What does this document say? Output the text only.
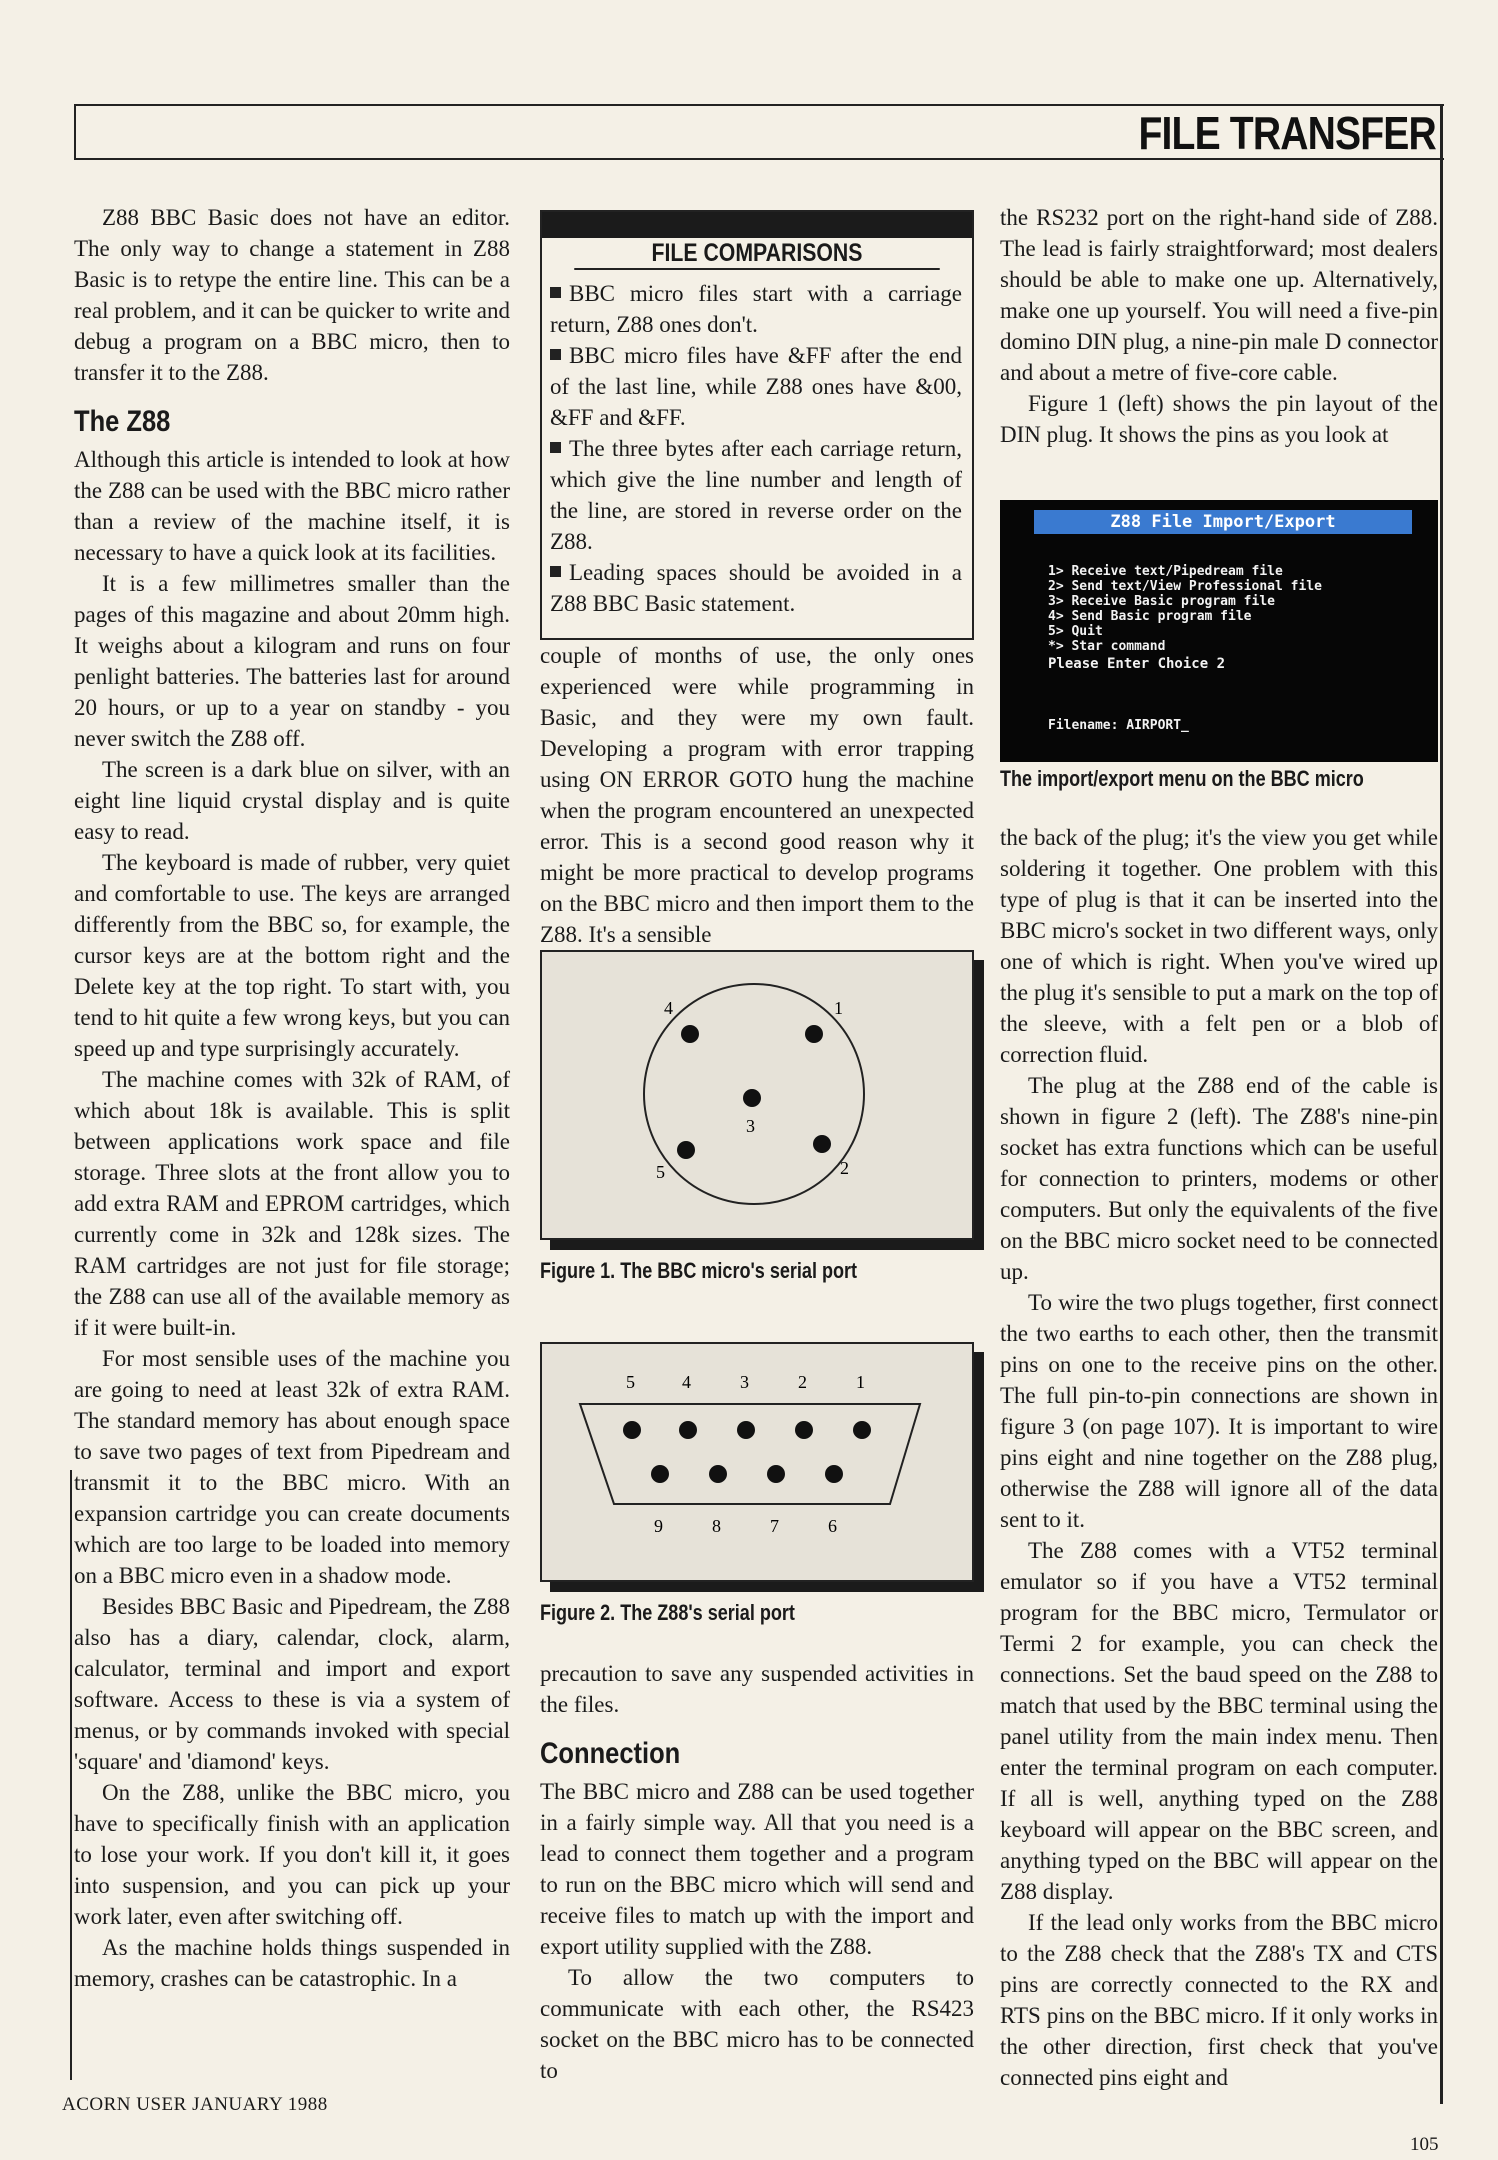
FILE TRANSFER

Z88 BBC Basic does not have an editor. The only way to change a statement in Z88 Basic is to retype the entire line. This can be a real problem, and it can be quicker to write and debug a program on a BBC micro, then to transfer it to the Z88.

The Z88

Although this article is intended to look at how the Z88 can be used with the BBC micro rather than a review of the machine itself, it is necessary to have a quick look at its facilities.

It is a few millimetres smaller than the pages of this magazine and about 20mm high. It weighs about a kilogram and runs on four penlight batteries. The batteries last for around 20 hours, or up to a year on standby - you never switch the Z88 off.

The screen is a dark blue on silver, with an eight line liquid crystal display and is quite easy to read.

The keyboard is made of rubber, very quiet and comfortable to use. The keys are arranged differently from the BBC so, for example, the cursor keys are at the bottom right and the Delete key at the top right. To start with, you tend to hit quite a few wrong keys, but you can speed up and type surprisingly accurately.

The machine comes with 32k of RAM, of which about 18k is available. This is split between applications work space and file storage. Three slots at the front allow you to add extra RAM and EPROM cartridges, which currently come in 32k and 128k sizes. The RAM cartridges are not just for file storage; the Z88 can use all of the available memory as if it were built-in.

For most sensible uses of the machine you are going to need at least 32k of extra RAM. The standard memory has about enough space to save two pages of text from Pipedream and transmit it to the BBC micro. With an expansion cartridge you can create documents which are too large to be loaded into memory on a BBC micro even in a shadow mode.

Besides BBC Basic and Pipedream, the Z88 also has a diary, calendar, clock, alarm, calculator, terminal and import and export software. Access to these is via a system of menus, or by commands invoked with special 'square' and 'diamond' keys.

On the Z88, unlike the BBC micro, you have to specifically finish with an application to lose your work. If you don't kill it, it goes into suspension, and you can pick up your work later, even after switching off.

As the machine holds things suspended in memory, crashes can be catastrophic. In a

FILE COMPARISONS
BBC micro files start with a carriage return, Z88 ones don't.
BBC micro files have &FF after the end of the last line, while Z88 ones have &00, &FF and &FF.
The three bytes after each carriage return, which give the line number and length of the line, are stored in reverse order on the Z88.
Leading spaces should be avoided in a Z88 BBC Basic statement.

couple of months of use, the only ones experienced were while programming in Basic, and they were my own fault. Developing a program with error trapping using ON ERROR GOTO hung the machine when the program encountered an unexpected error. This is a second good reason why it might be more practical to develop programs on the BBC micro and then import them to the Z88. It's a sensible

4	1
3
5	2
Figure 1. The BBC micro's serial port
5	4	3	2	1
9	8	7	6
Figure 2. The Z88's serial port

precaution to save any suspended activities in the files.

Connection

The BBC micro and Z88 can be used together in a fairly simple way. All that you need is a lead to connect them together and a program to run on the BBC micro which will send and receive files to match up with the import and export utility supplied with the Z88.

To allow the two computers to communicate with each other, the RS423 socket on the BBC micro has to be connected to

the RS232 port on the right-hand side of Z88. The lead is fairly straightforward; most dealers should be able to make one up. Alternatively, make one up yourself. You will need a five-pin domino DIN plug, a nine-pin male D connector and about a metre of five-core cable.

Figure 1 (left) shows the pin layout of the DIN plug. It shows the pins as you look at

Z88 File Import/Export
1> Receive text/Pipedream file
2> Send text/View Professional file
3> Receive Basic program file
4> Send Basic program file
5> Quit
*> Star command
Please Enter Choice 2
Filename: AIRPORT_
The import/export menu on the BBC micro

the back of the plug; it's the view you get while soldering it together. One problem with this type of plug is that it can be inserted into the BBC micro's socket in two different ways, only one of which is right. When you've wired up the plug it's sensible to put a mark on the top of the sleeve, with a felt pen or a blob of correction fluid.

The plug at the Z88 end of the cable is shown in figure 2 (left). The Z88's nine-pin socket has extra functions which can be useful for connection to printers, modems or other computers. But only the equivalents of the five on the BBC micro socket need to be connected up.

To wire the two plugs together, first connect the two earths to each other, then the transmit pins on one to the receive pins on the other. The full pin-to-pin connections are shown in figure 3 (on page 107). It is important to wire pins eight and nine together on the Z88 plug, otherwise the Z88 will ignore all of the data sent to it.

The Z88 comes with a VT52 terminal emulator so if you have a VT52 terminal program for the BBC micro, Termulator or Termi 2 for example, you can check the connections. Set the baud speed on the Z88 to match that used by the BBC terminal using the panel utility from the main index menu. Then enter the terminal program on each computer. If all is well, anything typed on the Z88 keyboard will appear on the BBC screen, and anything typed on the BBC will appear on the Z88 display.

If the lead only works from the BBC micro to the Z88 check that the Z88's TX and CTS pins are correctly connected to the RX and RTS pins on the BBC micro. If it only works in the other direction, first check that you've connected pins eight and

ACORN USER JANUARY 1988
105
